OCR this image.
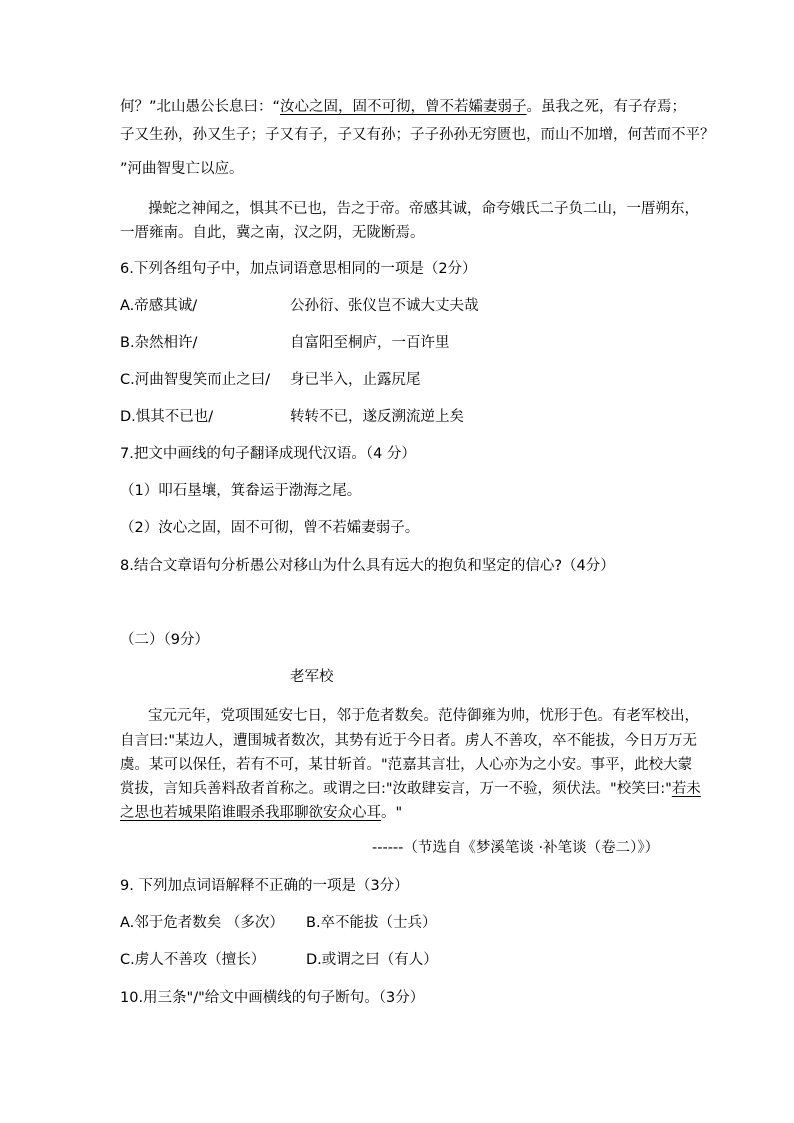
何？”北山愚公长息曰：“汝心之固，固不可彻，曾不若孀妻弱子。虽我之死，有子存焉；
子又生孙，孙又生子；子又有子，子又有孙；子子孙孙无穷匮也，而山不加增，何苦而不平？
”河曲智叟亡以应。
操蛇之神闻之，惧其不已也，告之于帝。帝感其诚，命夸娥氏二子负二山，一厝朔东，
一厝雍南。自此，冀之南，汉之阴，无陇断焉。
6.下列各组句子中，加点词语意思相同的一项是（2分）
A.帝感其诚/	公孙衍、张仪岂不诚大丈夫哉
B.杂然相许/	自富阳至桐庐，一百许里
C.河曲智叟笑而止之曰/ 身已半入，止露尻尾
D.惧其不已也/	转转不已，遂反溯流逆上矣
7.把文中画线的句子翻译成现代汉语。（4 分）
（1）叩石垦壤，箕畚运于渤海之尾。
（2）汝心之固，固不可彻，曾不若孀妻弱子。
8.结合文章语句分析愚公对移山为什么具有远大的抱负和坚定的信心?（4分）
（二）（9分）
老军校
宝元元年，党项围延安七日，邻于危者数矣。范侍御雍为帅，忧形于色。有老军校出，
自言曰:"某边人，遭围城者数次，其势有近于今日者。虏人不善攻，卒不能拔，今日万万无
虞。某可以保任，若有不可，某甘斩首。"范嘉其言壮，人心亦为之小安。事平，此校大蒙
赏拔，言知兵善料敌者首称之。或谓之曰:"汝敢肆妄言，万一不验，须伏法。"校笑曰:"若未
之思也若城果陷谁暇杀我耶聊欲安众心耳。"
------（节选自《梦溪笔谈 ·补笔谈（卷二）》）
9. 下列加点词语解释不正确的一项是（3分）
A.邻于危者数矣 （多次） B.卒不能拔（士兵）
C.虏人不善攻（擅长）	D.或谓之曰（有人）
10.用三条"/"给文中画横线的句子断句。（3分）
